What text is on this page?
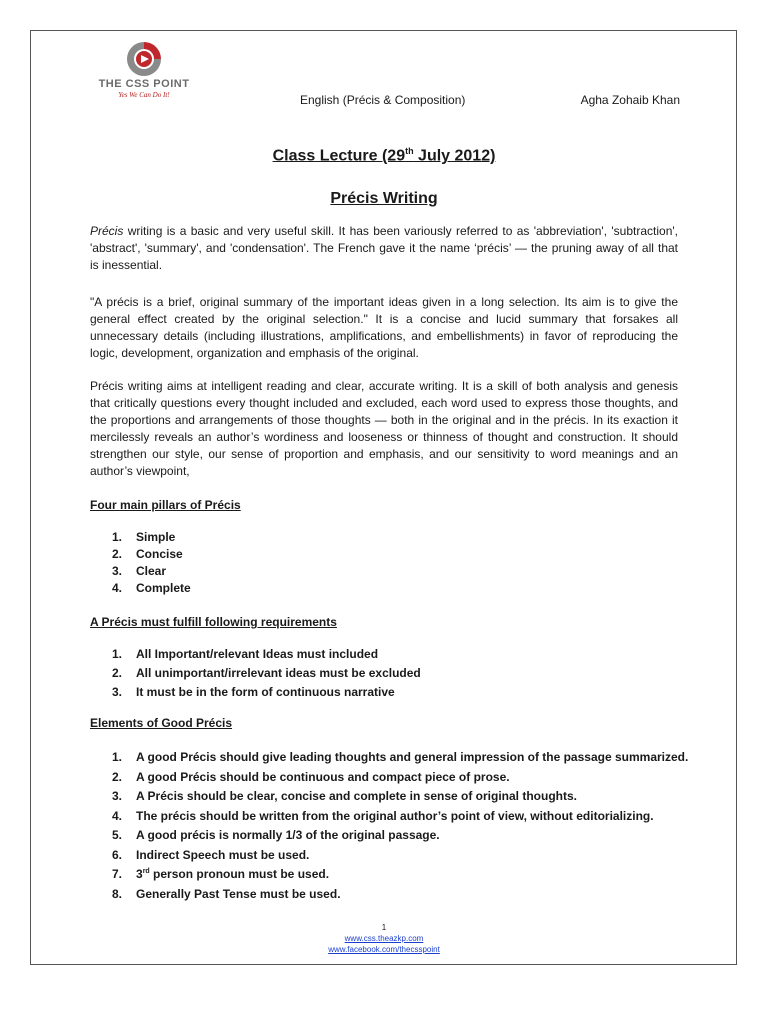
THE CSS POINT
Yes We Can Do It!	English (Précis & Composition)	Agha Zohaib Khan
Class Lecture (29th July 2012)
Précis Writing

Précis writing is a basic and very useful skill. It has been variously referred to as 'abbreviation', 'subtraction', 'abstract', 'summary', and 'condensation'. The French gave it the name ‘précis’ — the pruning away of all that is inessential.

"A précis is a brief, original summary of the important ideas given in a long selection. Its aim is to give the general effect created by the original selection." It is a concise and lucid summary that forsakes all unnecessary details (including illustrations, amplifications, and embellishments) in favor of reproducing the logic, development, organization and emphasis of the original.

Précis writing aims at intelligent reading and clear, accurate writing. It is a skill of both analysis and genesis that critically questions every thought included and excluded, each word used to express those thoughts, and the proportions and arrangements of those thoughts — both in the original and in the précis. In its exaction it mercilessly reveals an author’s wordiness and looseness or thinness of thought and construction. It should strengthen our style, our sense of proportion and emphasis, and our sensitivity to word meanings and an author’s viewpoint,

Four main pillars of Précis

1. Simple
2. Concise
3. Clear
4. Complete

A Précis must fulfill following requirements

1. All Important/relevant Ideas must included
2. All unimportant/irrelevant ideas must be excluded
3. It must be in the form of continuous narrative

Elements of Good Précis

1. A good Précis should give leading thoughts and general impression of the passage summarized.
2. A good Précis should be continuous and compact piece of prose.
3. A Précis should be clear, concise and complete in sense of original thoughts.
4. The précis should be written from the original author’s point of view, without editorializing.
5. A good précis is normally 1/3 of the original passage.
6. Indirect Speech must be used.
7. 3rd person pronoun must be used.
8. Generally Past Tense must be used.
1
www.css.theazkp.com
www.facebook.com/thecsspoint
